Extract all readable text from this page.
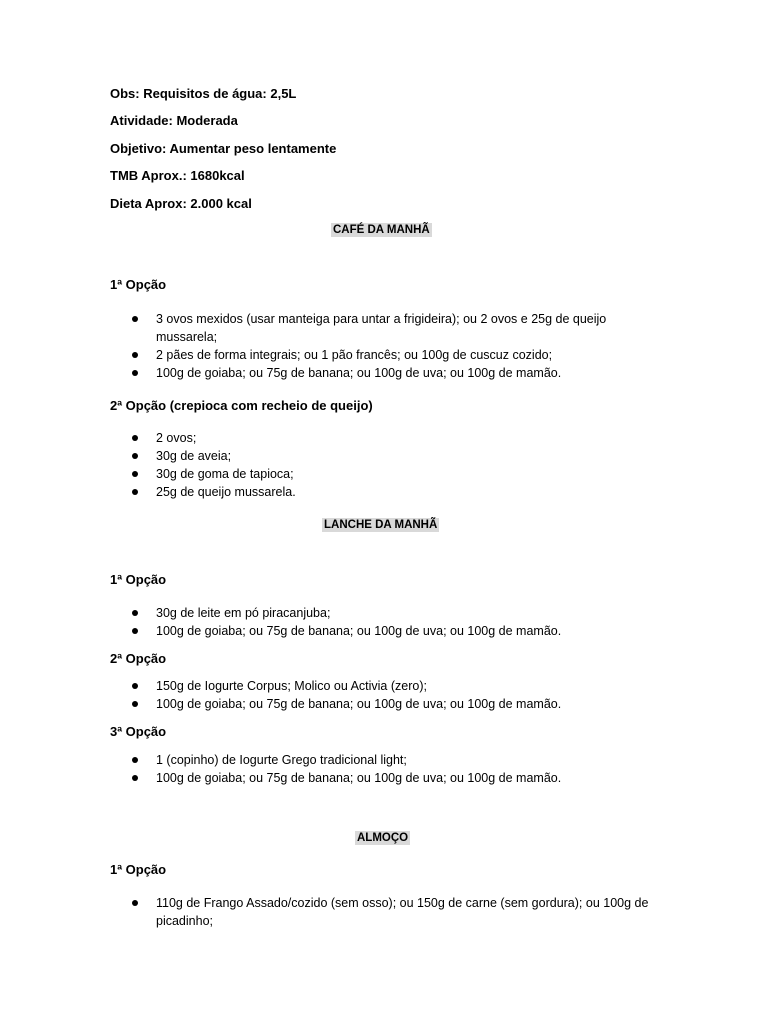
Obs: Requisitos de água: 2,5L
Atividade: Moderada
Objetivo: Aumentar peso lentamente
TMB Aprox.: 1680kcal
Dieta Aprox: 2.000 kcal
CAFÉ DA MANHÃ
1ª Opção
3 ovos mexidos (usar manteiga para untar a frigideira); ou 2 ovos e 25g de queijo mussarela;
2 pães de forma integrais; ou 1 pão francês; ou 100g de cuscuz cozido;
100g de goiaba; ou 75g de banana; ou 100g de uva; ou 100g de mamão.
2ª Opção (crepioca com recheio de queijo)
2 ovos;
30g de aveia;
30g de goma de tapioca;
25g de queijo mussarela.
LANCHE DA MANHÃ
1ª Opção
30g de leite em pó piracanjuba;
100g de goiaba; ou 75g de banana; ou 100g de uva; ou 100g de mamão.
2ª Opção
150g de Iogurte Corpus; Molico ou Activia (zero);
100g de goiaba; ou 75g de banana; ou 100g de uva; ou 100g de mamão.
3ª Opção
1 (copinho) de Iogurte Grego tradicional light;
100g de goiaba; ou 75g de banana; ou 100g de uva; ou 100g de mamão.
ALMOÇO
1ª Opção
110g de Frango Assado/cozido (sem osso); ou 150g de carne (sem gordura); ou 100g de picadinho;
